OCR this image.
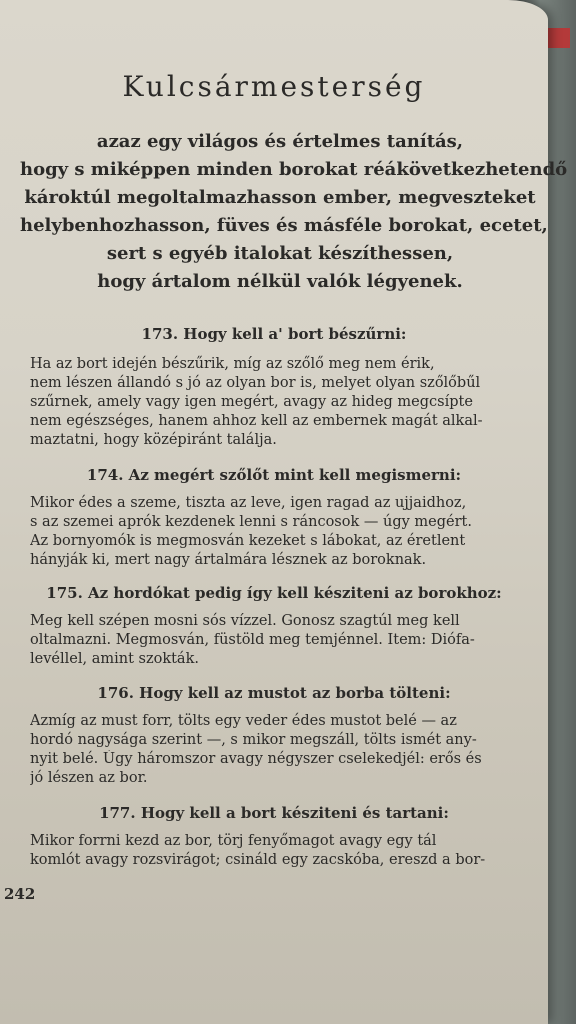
Kulcsármesterség
azaz egy világos és értelmes tanítás,
hogy s miképpen minden borokat réákövetkezhetendő
károktúl megoltalmazhasson ember, megveszteket
helybenhozhasson, füves és másféle borokat, ecetet,
sert s egyéb italokat készíthessen,
hogy ártalom nélkül valók légyenek.
173. Hogy kell a' bort bészűrni:
Ha az bort idején bészűrik, míg az szőlő meg nem érik,
nem lészen állandó s jó az olyan bor is, melyet olyan szőlőbűl
szűrnek, amely vagy igen megért, avagy az hideg megcsípte
nem egészséges, hanem ahhoz kell az embernek magát alkal-
maztatni, hogy középiránt találja.
174. Az megért szőlőt mint kell megismerni:
Mikor édes a szeme, tiszta az leve, igen ragad az ujjaidhoz,
s az szemei aprók kezdenek lenni s ráncosok — úgy megért.
Az bornyomók is megmosván kezeket s lábokat, az éretlent
hányják ki, mert nagy ártalmára lésznek az boroknak.
175. Az hordókat pedig így kell késziteni az borokhoz:
Meg kell szépen mosni sós vízzel. Gonosz szagtúl meg kell
oltalmazni. Megmosván, füstöld meg temjénnel. Item: Diófa-
levéllel, amint szokták.
176. Hogy kell az mustot az borba tölteni:
Azmíg az must forr, tölts egy veder édes mustot belé — az
hordó nagysága szerint —, s mikor megszáll, tölts ismét any-
nyit belé. Úgy háromszor avagy négyszer cselekedjél: erős és
jó lészen az bor.
177. Hogy kell a bort késziteni és tartani:
Mikor forrni kezd az bor, törj fenyőmagot avagy egy tál
komlót avagy rozsvirágot; csináld egy zacskóba, ereszd a bor-
242
